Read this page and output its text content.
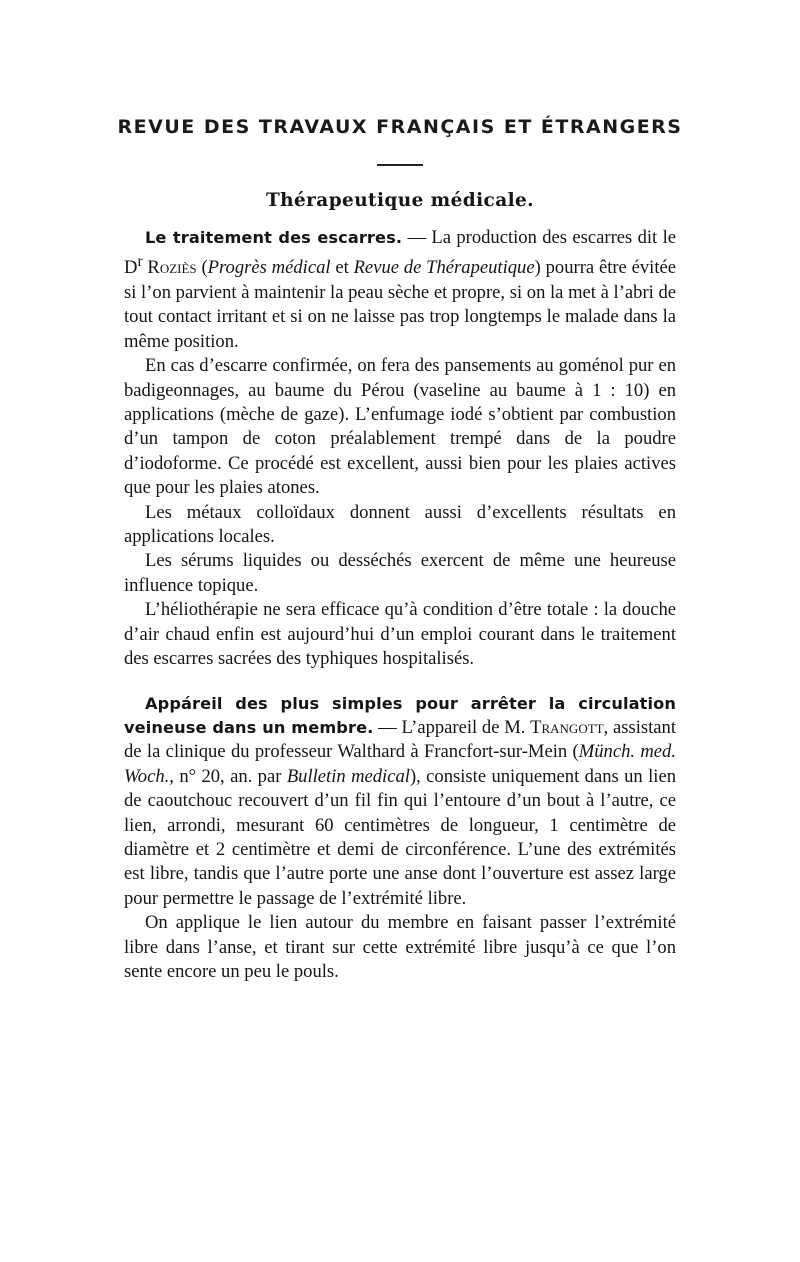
REVUE DES TRAVAUX FRANÇAIS ET ÉTRANGERS
Thérapeutique médicale.

Le traitement des escarres. — La production des escarres dit le $D^r$ Roziès (Progrès médical et Revue de Thérapeutique) pourra être évitée si l’on parvient à maintenir la peau sèche et propre, si on la met à l’abri de tout contact irritant et si on ne laisse pas trop longtemps le malade dans la même position.

En cas d’escarre confirmée, on fera des pansements au goménol pur en badigeonnages, au baume du Pérou (vaseline au baume à 1 : 10) en applications (mèche de gaze). L’enfumage iodé s’obtient par combustion d’un tampon de coton préalablement trempé dans de la poudre d’iodoforme. Ce procédé est excellent, aussi bien pour les plaies actives que pour les plaies atones.

Les métaux colloïdaux donnent aussi d’excellents résultats en applications locales.

Les sérums liquides ou desséchés exercent de même une heureuse influence topique.

L’héliothérapie ne sera efficace qu’à condition d’être totale : la douche d’air chaud enfin est aujourd’hui d’un emploi courant dans le traitement des escarres sacrées des typhiques hospitalisés.

Appáreil des plus simples pour arrêter la circulation veineuse dans un membre. — L’appareil de M. Trangott, assistant de la clinique du professeur Walthard à Francfort-sur-Mein (Münch. med. Woch., n° 20, an. par Bulletin medical), consiste uniquement dans un lien de caoutchouc recouvert d’un fil fin qui l’entoure d’un bout à l’autre, ce lien, arrondi, mesurant 60 centimètres de longueur, 1 centimètre de diamètre et 2 centimètre et demi de circonférence. L’une des extrémités est libre, tandis que l’autre porte une anse dont l’ouverture est assez large pour permettre le passage de l’extrémité libre.

On applique le lien autour du membre en faisant passer l’extrémité libre dans l’anse, et tirant sur cette extrémité libre jusqu’à ce que l’on sente encore un peu le pouls.
